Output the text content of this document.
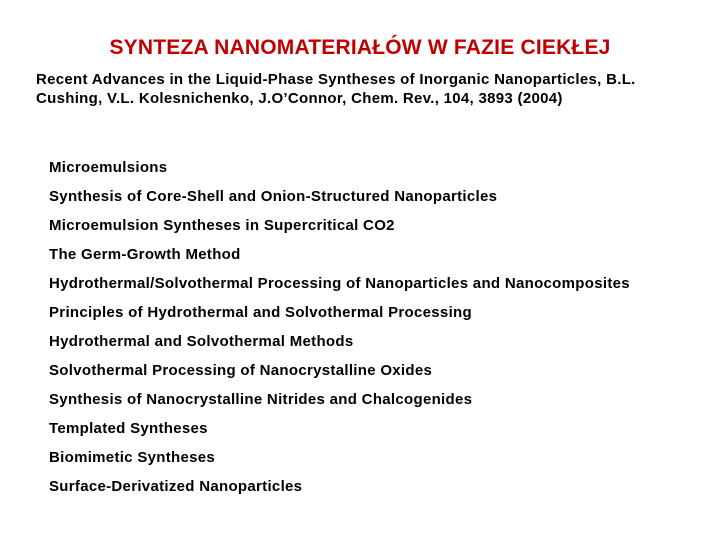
SYNTEZA NANOMATERIAŁÓW W FAZIE CIEKŁEJ
Recent Advances in the Liquid-Phase Syntheses of Inorganic Nanoparticles, B.L. Cushing, V.L. Kolesnichenko, J.O’Connor, Chem. Rev., 104, 3893 (2004)
Microemulsions
Synthesis of Core-Shell and Onion-Structured Nanoparticles
Microemulsion Syntheses in Supercritical CO2
The Germ-Growth Method
Hydrothermal/Solvothermal Processing of Nanoparticles and Nanocomposites
Principles of Hydrothermal and Solvothermal Processing
Hydrothermal and Solvothermal Methods
Solvothermal Processing of Nanocrystalline Oxides
Synthesis of Nanocrystalline Nitrides and Chalcogenides
Templated Syntheses
Biomimetic Syntheses
Surface-Derivatized Nanoparticles
